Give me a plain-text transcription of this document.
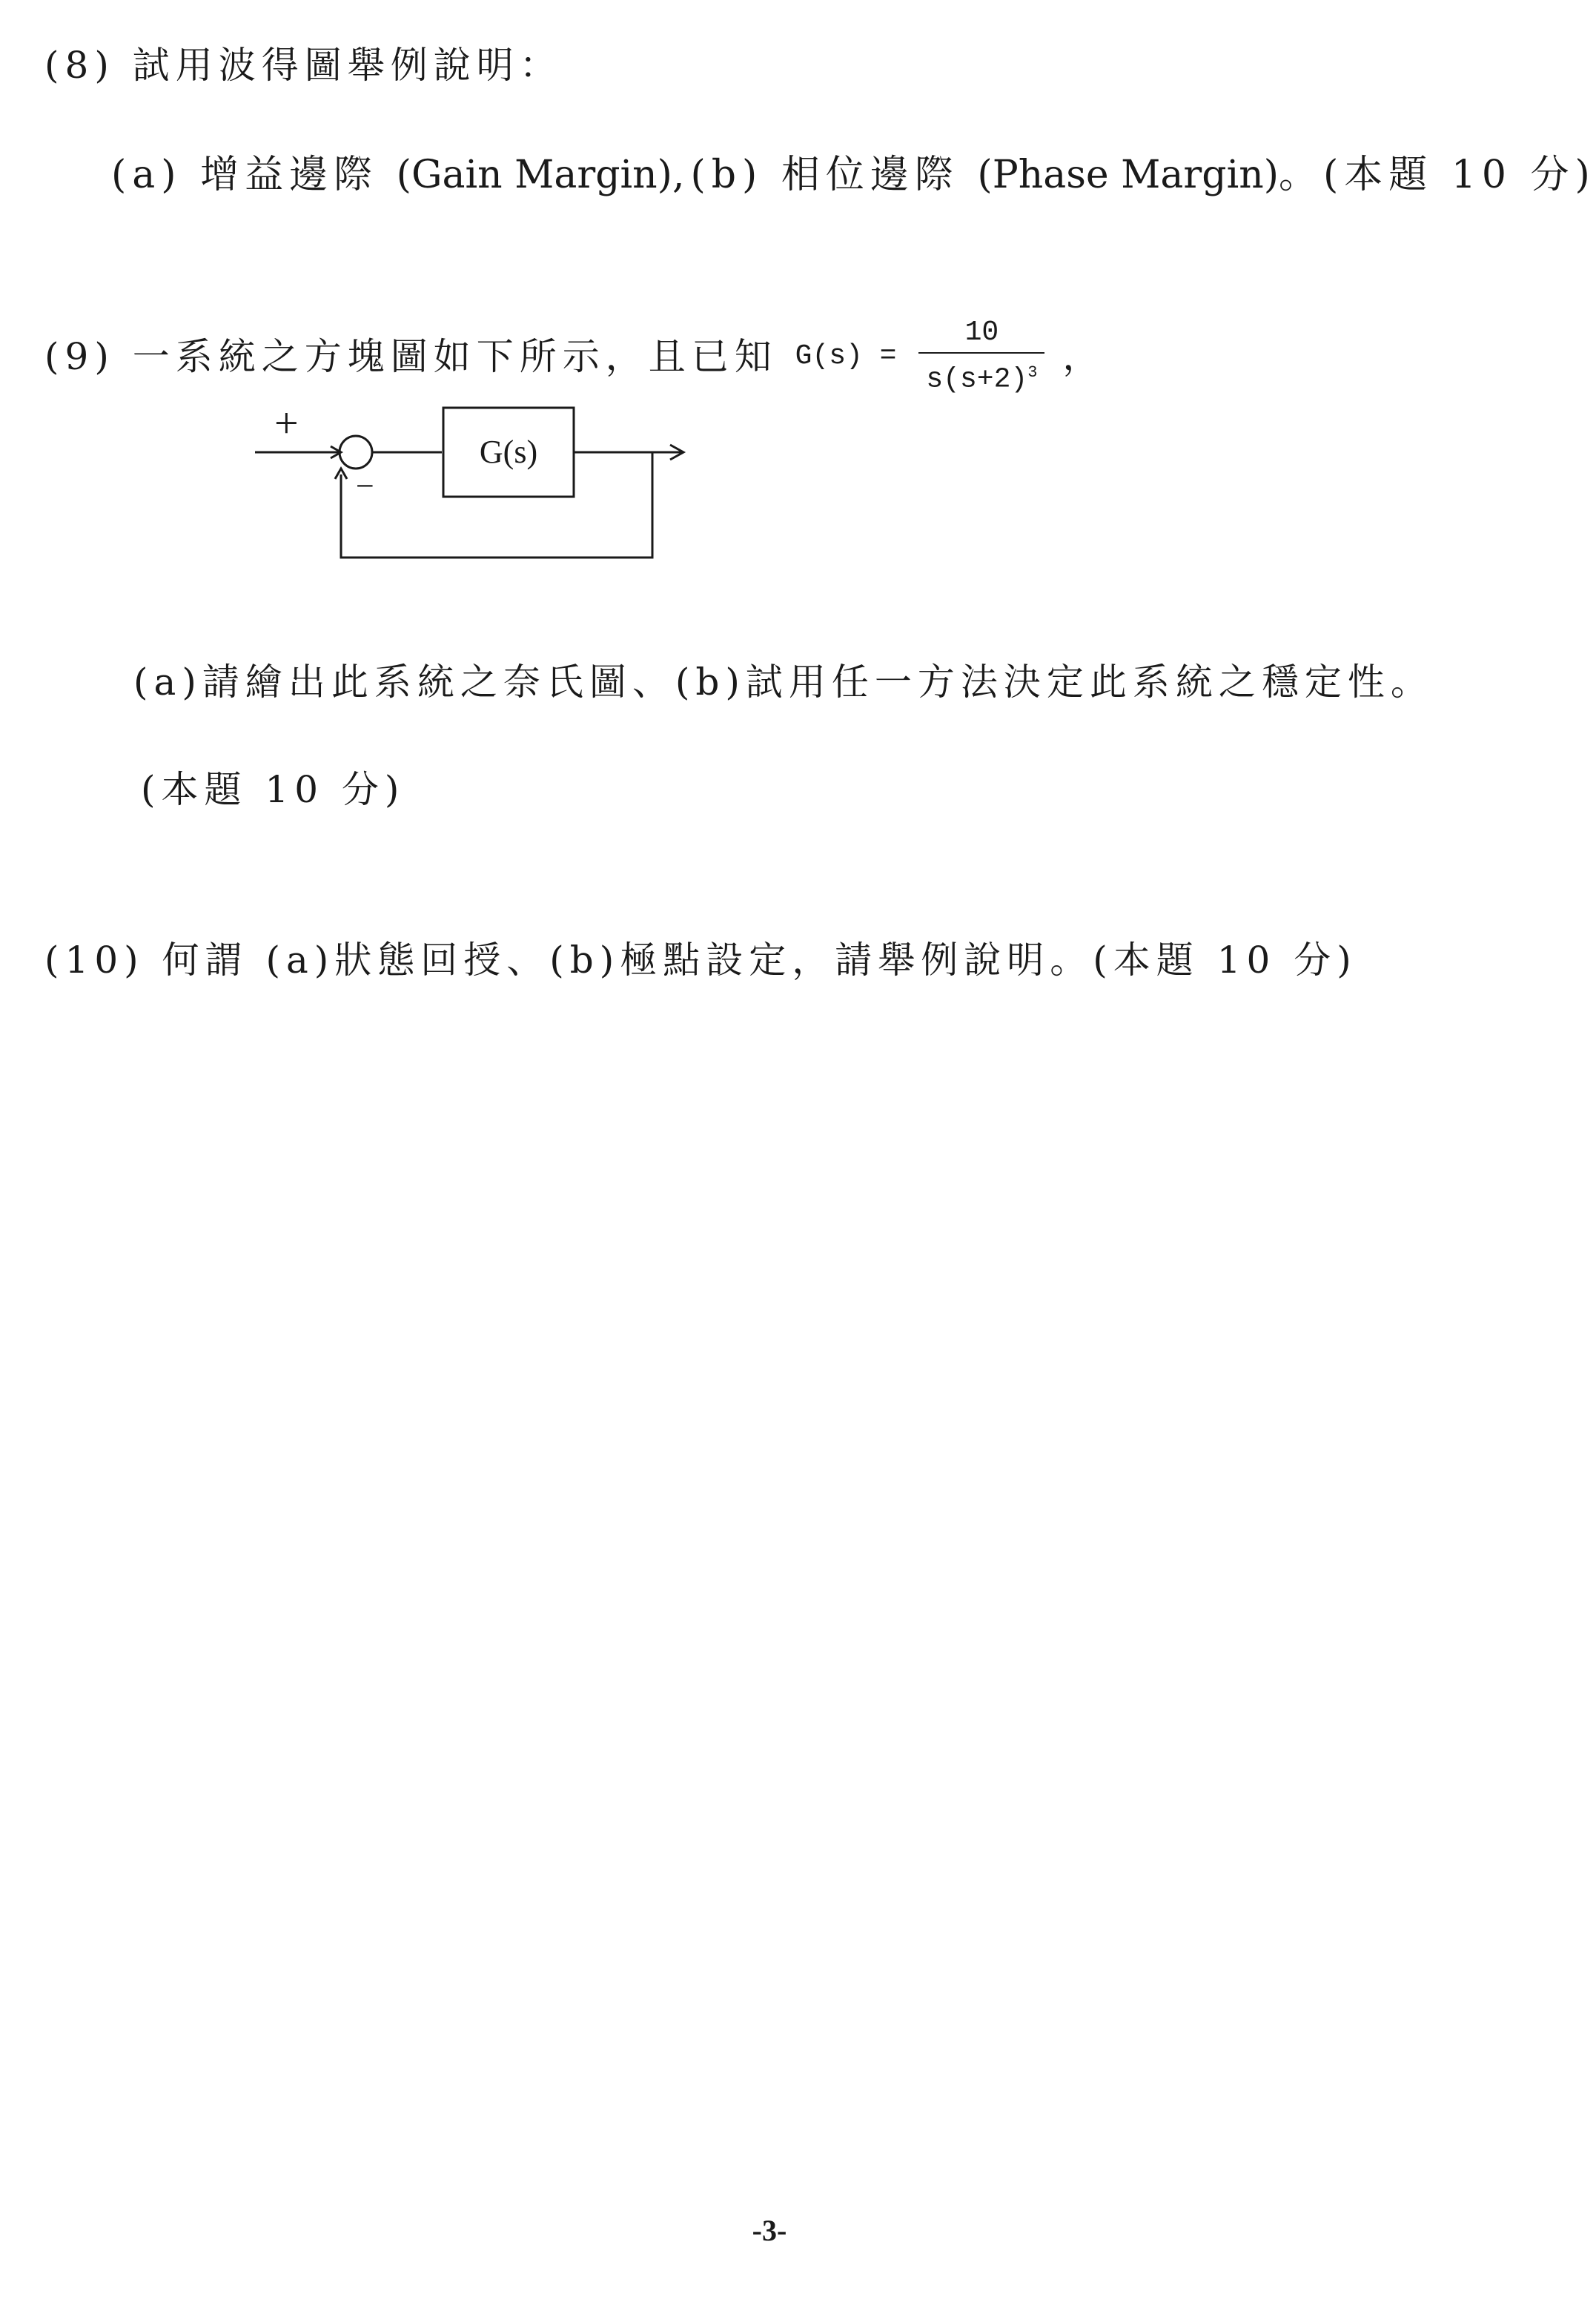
(8) 試用波得圖舉例說明：
(a) 增益邊際 (Gain Margin),(b) 相位邊際 (Phase Margin)。(本題 10 分)
(9) 一系統之方塊圖如下所示，且已知 $G(s) = \frac{10}{s(s+2)^3}$ ，
+
−
G(s)
(a)請繪出此系統之奈氏圖、(b)試用任一方法決定此系統之穩定性。
(本題 10 分)
(10) 何謂 (a)狀態回授、(b)極點設定，請舉例說明。(本題 10 分)
-3-
